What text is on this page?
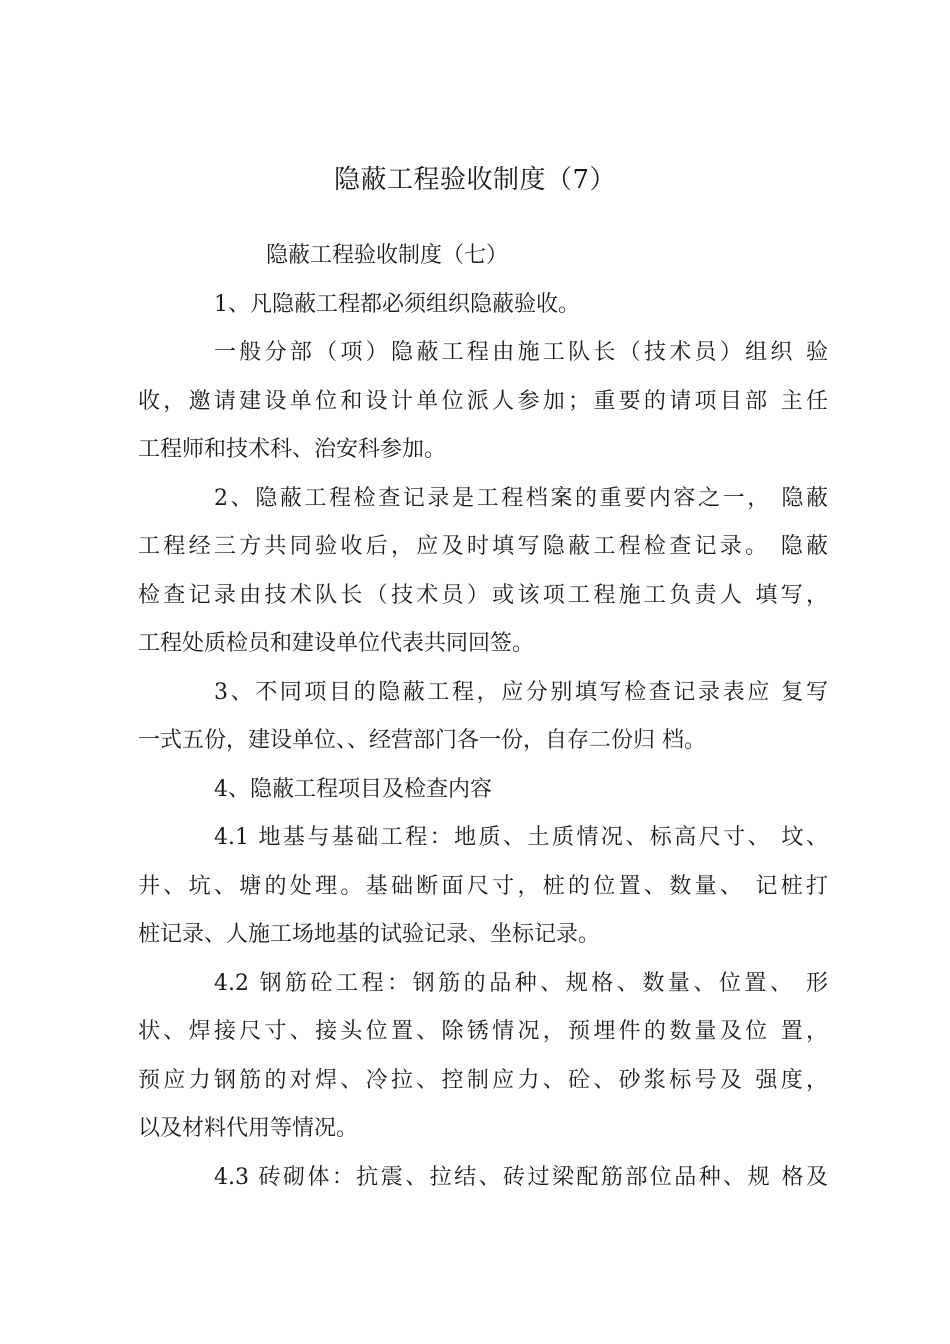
隐蔽工程验收制度（7）
隐蔽工程验收制度（七）
1、凡隐蔽工程都必须组织隐蔽验收。
一般分部（项）隐蔽工程由施工队长（技术员）组织 验
收，邀请建设单位和设计单位派人参加；重要的请项目部 主任
工程师和技术科、治安科参加。
2、隐蔽工程检查记录是工程档案的重要内容之一， 隐蔽
工程经三方共同验收后，应及时填写隐蔽工程检查记录。 隐蔽
检查记录由技术队长（技术员）或该项工程施工负责人 填写，
工程处质检员和建设单位代表共同回签。
3、不同项目的隐蔽工程，应分别填写检查记录表应 复写
一式五份，建设单位、、经营部门各一份，自存二份归 档。
4、隐蔽工程项目及检查内容
4.1 地基与基础工程：地质、土质情况、标高尺寸、 坟、
井、坑、塘的处理。基础断面尺寸，桩的位置、数量、 记桩打
桩记录、人施工场地基的试验记录、坐标记录。
4.2 钢筋砼工程：钢筋的品种、规格、数量、位置、 形
状、焊接尺寸、接头位置、除锈情况，预埋件的数量及位 置，
预应力钢筋的对焊、冷拉、控制应力、砼、砂浆标号及 强度，
以及材料代用等情况。
4.3 砖砌体：抗震、拉结、砖过梁配筋部位品种、规 格及
